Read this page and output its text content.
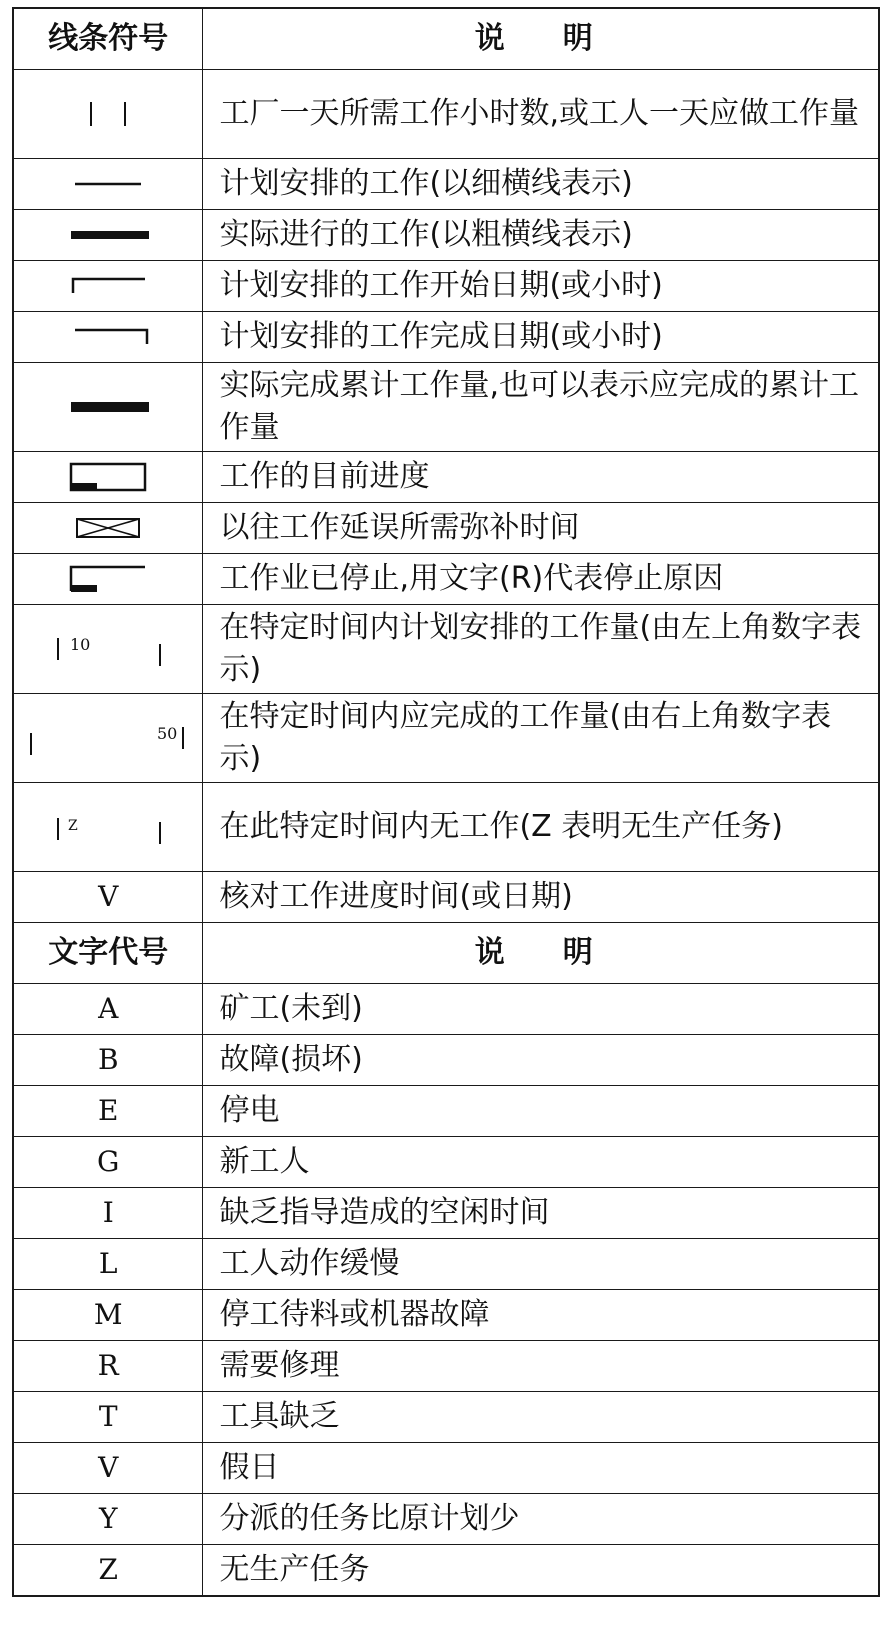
线条符号	说明

	工厂一天所需工作小时数,或工人一天应做工作量

	计划安排的工作(以细横线表示)

	实际进行的工作(以粗横线表示)

	计划安排的工作开始日期(或小时)

	计划安排的工作完成日期(或小时)

	实际完成累计工作量,也可以表示应完成的累计工作量

	工作的目前进度

	以往工作延误所需弥补时间

	工作业已停止,用文字(R)代表停止原因

10	在特定时间内计划安排的工作量(由左上角数字表示)

50	在特定时间内应完成的工作量(由右上角数字表示)

Z	在此特定时间内无工作(Z 表明无生产任务)
V	核对工作进度时间(或日期)
文字代号	说明
A	矿工(未到)
B	故障(损坏)
E	停电
G	新工人
I	缺乏指导造成的空闲时间
L	工人动作缓慢
M	停工待料或机器故障
R	需要修理
T	工具缺乏
V	假日
Y	分派的任务比原计划少
Z	无生产任务
